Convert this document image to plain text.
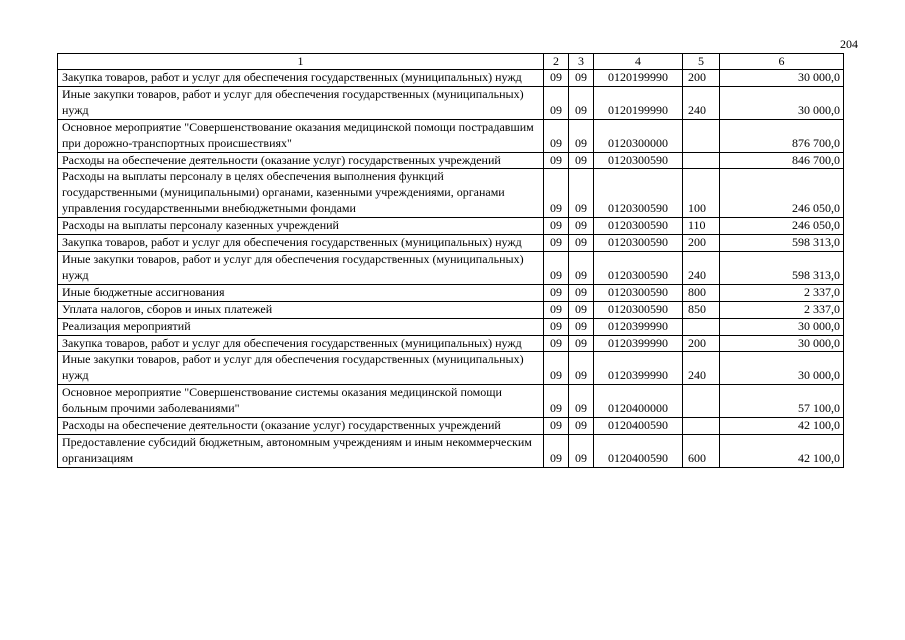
204
1	2	3	4	5	6
Закупка товаров, работ и услуг для обеспечения государственных (муниципальных) нужд	09	09	0120199990	200	30 000,0
Иные закупки товаров, работ и услуг для обеспечения государственных (муниципальных) нужд	09	09	0120199990	240	30 000,0
Основное мероприятие "Совершенствование оказания медицинской помощи пострадавшим при дорожно-транспортных происшествиях"	09	09	0120300000		876 700,0
Расходы на обеспечение деятельности (оказание услуг) государственных учреждений	09	09	0120300590		846 700,0
Расходы на выплаты персоналу в целях обеспечения выполнения функций государственными (муниципальными) органами, казенными учреждениями, органами управления государственными внебюджетными фондами	09	09	0120300590	100	246 050,0
Расходы на выплаты персоналу казенных учреждений	09	09	0120300590	110	246 050,0
Закупка товаров, работ и услуг для обеспечения государственных (муниципальных) нужд	09	09	0120300590	200	598 313,0
Иные закупки товаров, работ и услуг для обеспечения государственных (муниципальных) нужд	09	09	0120300590	240	598 313,0
Иные бюджетные ассигнования	09	09	0120300590	800	2 337,0
Уплата налогов, сборов и иных платежей	09	09	0120300590	850	2 337,0
Реализация мероприятий	09	09	0120399990		30 000,0
Закупка товаров, работ и услуг для обеспечения государственных (муниципальных) нужд	09	09	0120399990	200	30 000,0
Иные закупки товаров, работ и услуг для обеспечения государственных (муниципальных) нужд	09	09	0120399990	240	30 000,0
Основное мероприятие "Совершенствование системы оказания медицинской помощи больным прочими заболеваниями"	09	09	0120400000		57 100,0
Расходы на обеспечение деятельности (оказание услуг) государственных учреждений	09	09	0120400590		42 100,0
Предоставление субсидий бюджетным, автономным учреждениям и иным некоммерческим организациям	09	09	0120400590	600	42 100,0
